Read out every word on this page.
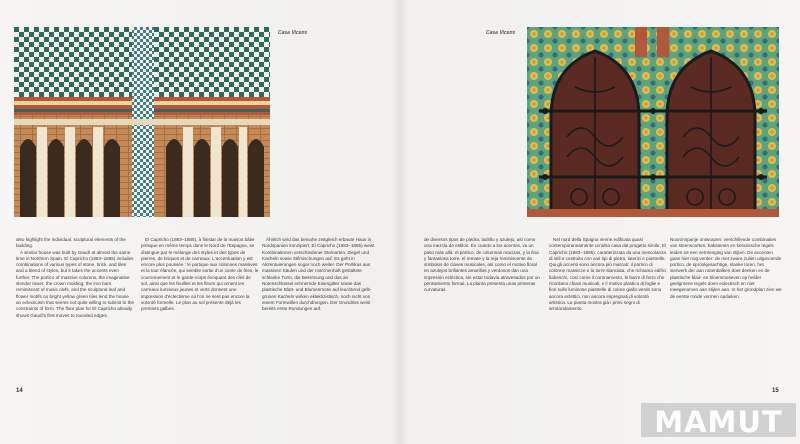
Casa Vicens	Casa Vicens

also highlight the individual, sculptural elements of the building.

A similar house was built by Gaudí at almost the same time in Northern Spain. El Capricho (1883–1885) includes combinations of various types of stone, brick, and tiles and a blend of styles, but it takes the accents even further. The portico of massive columns, the imaginative slender tower, the crown molding, the iron bars reminiscent of music clefs, and the sculptural leaf and flower motifs on bright yellow green tiles lend the house an eclecticism that seems not quite willing to submit to the constraints of form. The floor plan for El Capricho already shows Gaudí's first moves to rounded edges.

El Capricho (1883–1885), à finistar de la maison bâtie presque en même temps dans le Nord de l'Espagne, se distingue par le mélange des styles et des types de pierres, de briques et de carreaux. L'accentuation y est encore plus poussée : le portique aux colonnes massives et la tour élancée, qui semble sortie d'un conte de fées, le couronnement et le garde-corps évoquant des clés de sol, ainsi que les feuilles et les fleurs qui ornent les carreaux lumineux jaunes et verts donnent une impression d'éclectisme où l'on ne sent pas encore la volonté formelle. Le plan au sol présente déjà les premiers galbes.

Ähnlich wird das beinahe zeitgleich erbaute Haus in Nordspanien konzipiert. El Capricho (1883–1885) weist Kombinationen verschiedener Steinarten, Ziegel und Kacheln sowie Stilmischungen auf. Es geht in Akzentuierungen sogar noch weiter. Der Portikus aus massiven Säulen und der märchenhaft gestaltete schlanke Turm, die Bekrönung und das an Notenschlüssel erinnernde Eisengitter sowie das plastische Blatt- und Blumenmotiv auf leuchtend gelb-grünen Kacheln wirken eklektizistisch, noch nicht von einem Formwillen durchdrungen. Der Grundriss weist bereits erste Rundungen auf.

de diversos tipos de piedra, ladrillo y azulejo, así como una mezcla de estilos. En cuanto a los acentos, va un paso más allá: el pórtico, de columnas macizas, y la fina y fantasiosa torre, el remate y la reja reminiscente de símbolos de claves musicales, así como el motivo floral en azulejos brillantes amarillos y verdosos dan una impresión ecléctica, sin estar todavía atravesados por un pensamiento formal. La planta presenta unas primeras curvaturas.

Nel nord della Spagna venne edificata quasi contemporaneamente un'altra casa dal progetto simile, El Capricho (1883–1885), caratterizzata da una mescolanza di stili e costruita con vari tipi di pietra, laterizi e piastrelle. Qui gli accenti sono ancora più marcati: il portico di colonne massicce e la torre slanciata, che richiama edifici fiabeschi, così come il coronamento, le barre di ferro che ricordano chiavi musicali, e il motivo plastico di foglie e fiori sulle luminose piastrelle di colore giallo-verde sono ancora eclettici, non ancora impregnati di volontà artistica. La pianta mostra già i primi segni di arrotondamento.

Noord-Spanje ontworpen: verschillende combinaties van steensoorten, bakstenen en keramische tegels leiden tot een vermenging van stijlen. De accenten gaan hier nog verder: de met zware zuilen uitgevoerde portico, de sprookjesachtige, slanke toren, het sierwerk der aan notenbalken doet denken en de plastische blad- en bloemmotieven op helder geelgroene tegels doen eclectisch en niet meegenomen aan stijlen aan. In het grondplan zien we de eerste ronde vormen opduiken.

14	15
MAMUT
